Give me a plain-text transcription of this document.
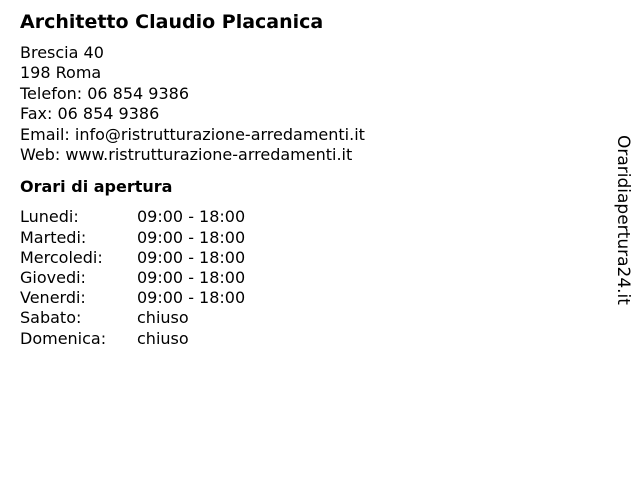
Architetto Claudio Placanica
Brescia 40
198 Roma
Telefon: 06 854 9386
Fax: 06 854 9386
Email: info@ristrutturazione-arredamenti.it
Web: www.ristrutturazione-arredamenti.it
Orari di apertura
Lunedi:	09:00 - 18:00
Martedi:	09:00 - 18:00
Mercoledi:	09:00 - 18:00
Giovedi:	09:00 - 18:00
Venerdi:	09:00 - 18:00
Sabato:	chiuso
Domenica:	chiuso
Oraridiapertura24.it
